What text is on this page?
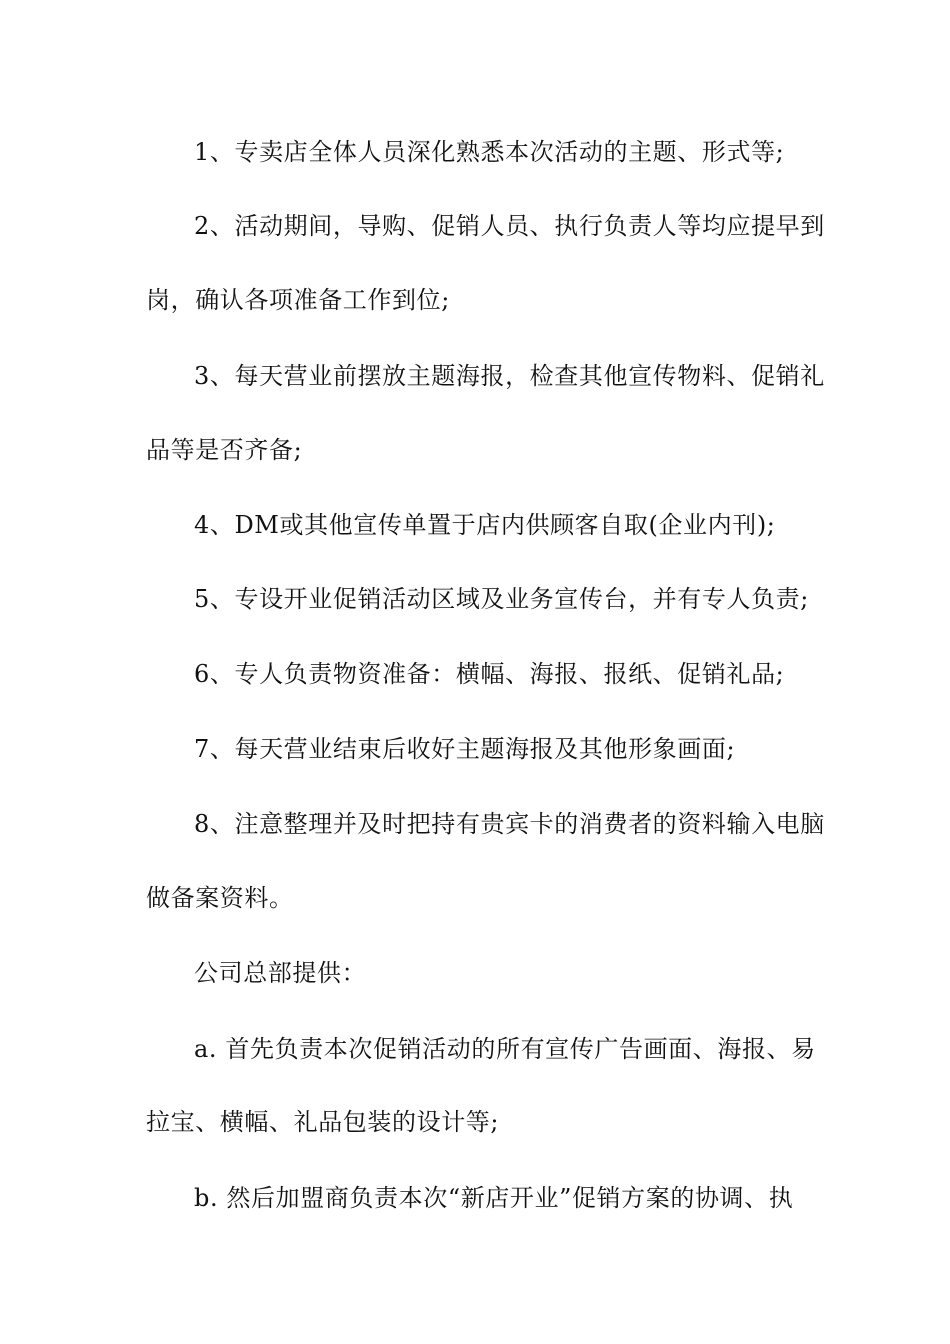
1、专卖店全体人员深化熟悉本次活动的主题、形式等;
2、活动期间，导购、促销人员、执行负责人等均应提早到
岗，确认各项准备工作到位;
3、每天营业前摆放主题海报，检查其他宣传物料、促销礼
品等是否齐备;
4、DM或其他宣传单置于店内供顾客自取(企业内刊);
5、专设开业促销活动区域及业务宣传台，并有专人负责;
6、专人负责物资准备：横幅、海报、报纸、促销礼品;
7、每天营业结束后收好主题海报及其他形象画面;
8、注意整理并及时把持有贵宾卡的消费者的资料输入电脑
做备案资料。
公司总部提供：
a. 首先负责本次促销活动的所有宣传广告画面、海报、易
拉宝、横幅、礼品包装的设计等;
b. 然后加盟商负责本次“新店开业”促销方案的协调、执
